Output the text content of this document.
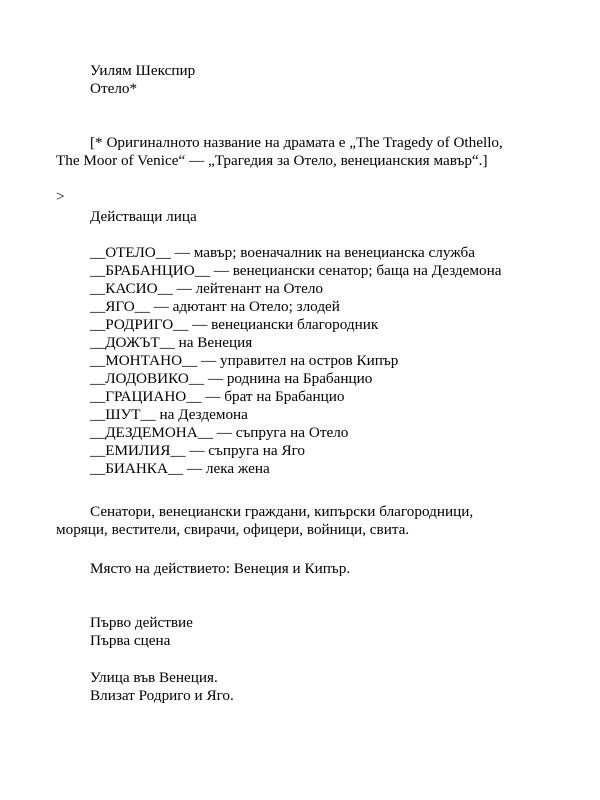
Уилям Шекспир
Отело*
[* Оригиналното название на драмата е „The Tragedy of Othello,
The Moor of Venice“ — „Трагедия за Отело, венецианския мавър“.]
>
Действащи лица
__ОТЕЛО__ — мавър; военачалник на венецианска служба
__БРАБАНЦИО__ — венециански сенатор; баща на Дездемона
__КАСИО__ — лейтенант на Отело
__ЯГО__ — адютант на Отело; злодей
__РОДРИГО__ — венециански благородник
__ДОЖЪТ__ на Венеция
__МОНТАНО__ — управител на остров Кипър
__ЛОДОВИКО__ — роднина на Брабанцио
__ГРАЦИАНО__ — брат на Брабанцио
__ШУТ__ на Дездемона
__ДЕЗДЕМОНА__ — съпруга на Отело
__ЕМИЛИЯ__ — съпруга на Яго
__БИАНКА__ — лека жена
Сенатори, венециански граждани, кипърски благородници,
моряци, вестители, свирачи, офицери, войници, свита.
Място на действието: Венеция и Кипър.
Първо действие
Първа сцена
Улица във Венеция.
Влизат Родриго и Яго.
